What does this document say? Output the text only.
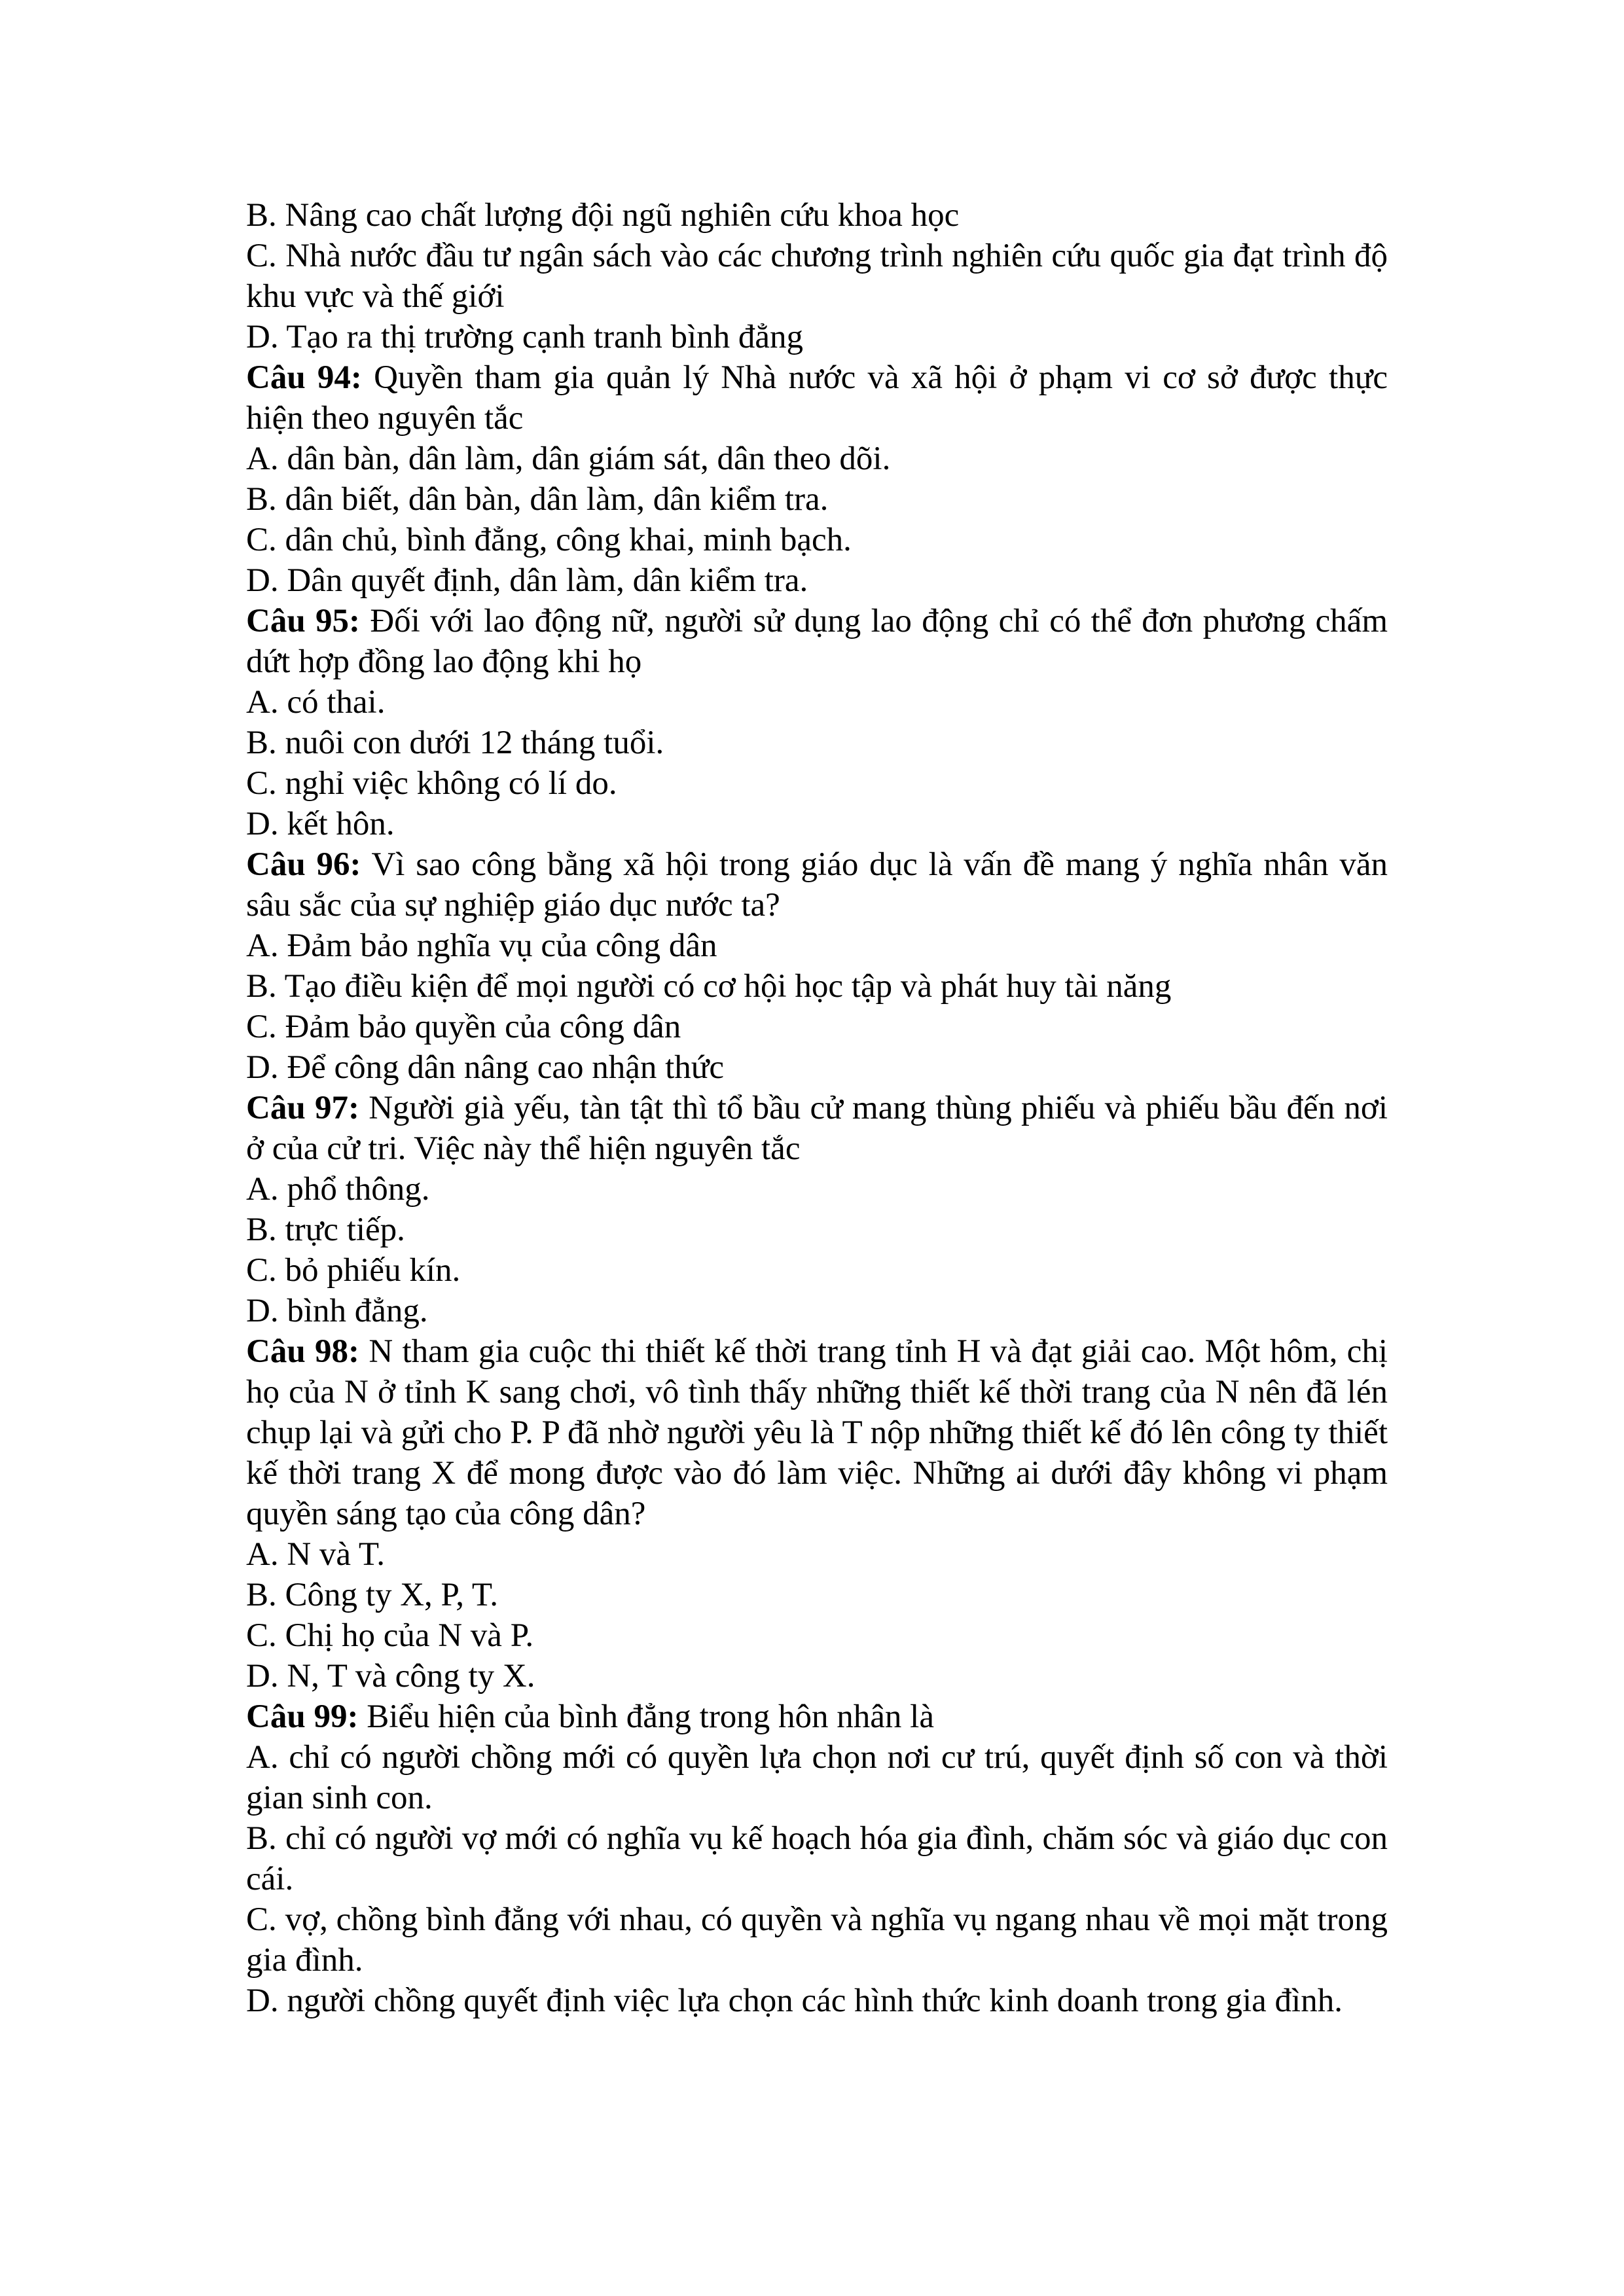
B. Nâng cao chất lượng đội ngũ nghiên cứu khoa học

C. Nhà nước đầu tư ngân sách vào các chương trình nghiên cứu quốc gia đạt trình độ khu vực và thế giới

D. Tạo ra thị trường cạnh tranh bình đẳng

Câu 94: Quyền tham gia quản lý Nhà nước và xã hội ở phạm vi cơ sở được thực hiện theo nguyên tắc

A. dân bàn, dân làm, dân giám sát, dân theo dõi.

B. dân biết, dân bàn, dân làm, dân kiểm tra.

C. dân chủ, bình đẳng, công khai, minh bạch.

D. Dân quyết định, dân làm, dân kiểm tra.

Câu 95: Đối với lao động nữ, người sử dụng lao động chỉ có thể đơn phương chấm dứt hợp đồng lao động khi họ

A. có thai.

B. nuôi con dưới 12 tháng tuổi.

C. nghỉ việc không có lí do.

D. kết hôn.

Câu 96: Vì sao công bằng xã hội trong giáo dục là vấn đề mang ý nghĩa nhân văn sâu sắc của sự nghiệp giáo dục nước ta?

A. Đảm bảo nghĩa vụ của công dân

B. Tạo điều kiện để mọi người có cơ hội học tập và phát huy tài năng

C. Đảm bảo quyền của công dân

D. Để công dân nâng cao nhận thức

Câu 97: Người già yếu, tàn tật thì tổ bầu cử mang thùng phiếu và phiếu bầu đến nơi ở của cử tri. Việc này thể hiện nguyên tắc

A. phổ thông.

B. trực tiếp.

C. bỏ phiếu kín.

D. bình đẳng.

Câu 98: N tham gia cuộc thi thiết kế thời trang tỉnh H và đạt giải cao. Một hôm, chị họ của N ở tỉnh K sang chơi, vô tình thấy những thiết kế thời trang của N nên đã lén chụp lại và gửi cho P. P đã nhờ người yêu là T nộp những thiết kế đó lên công ty thiết kế thời trang X để mong được vào đó làm việc. Những ai dưới đây không vi phạm quyền sáng tạo của công dân?

A. N và T.

B. Công ty X, P, T.

C. Chị họ của N và P.

D. N, T và công ty X.

Câu 99: Biểu hiện của bình đẳng trong hôn nhân là

A. chỉ có người chồng mới có quyền lựa chọn nơi cư trú, quyết định số con và thời gian sinh con.

B. chỉ có người vợ mới có nghĩa vụ kế hoạch hóa gia đình, chăm sóc và giáo dục con cái.

C. vợ, chồng bình đẳng với nhau, có quyền và nghĩa vụ ngang nhau về mọi mặt trong gia đình.

D. người chồng quyết định việc lựa chọn các hình thức kinh doanh trong gia đình.
